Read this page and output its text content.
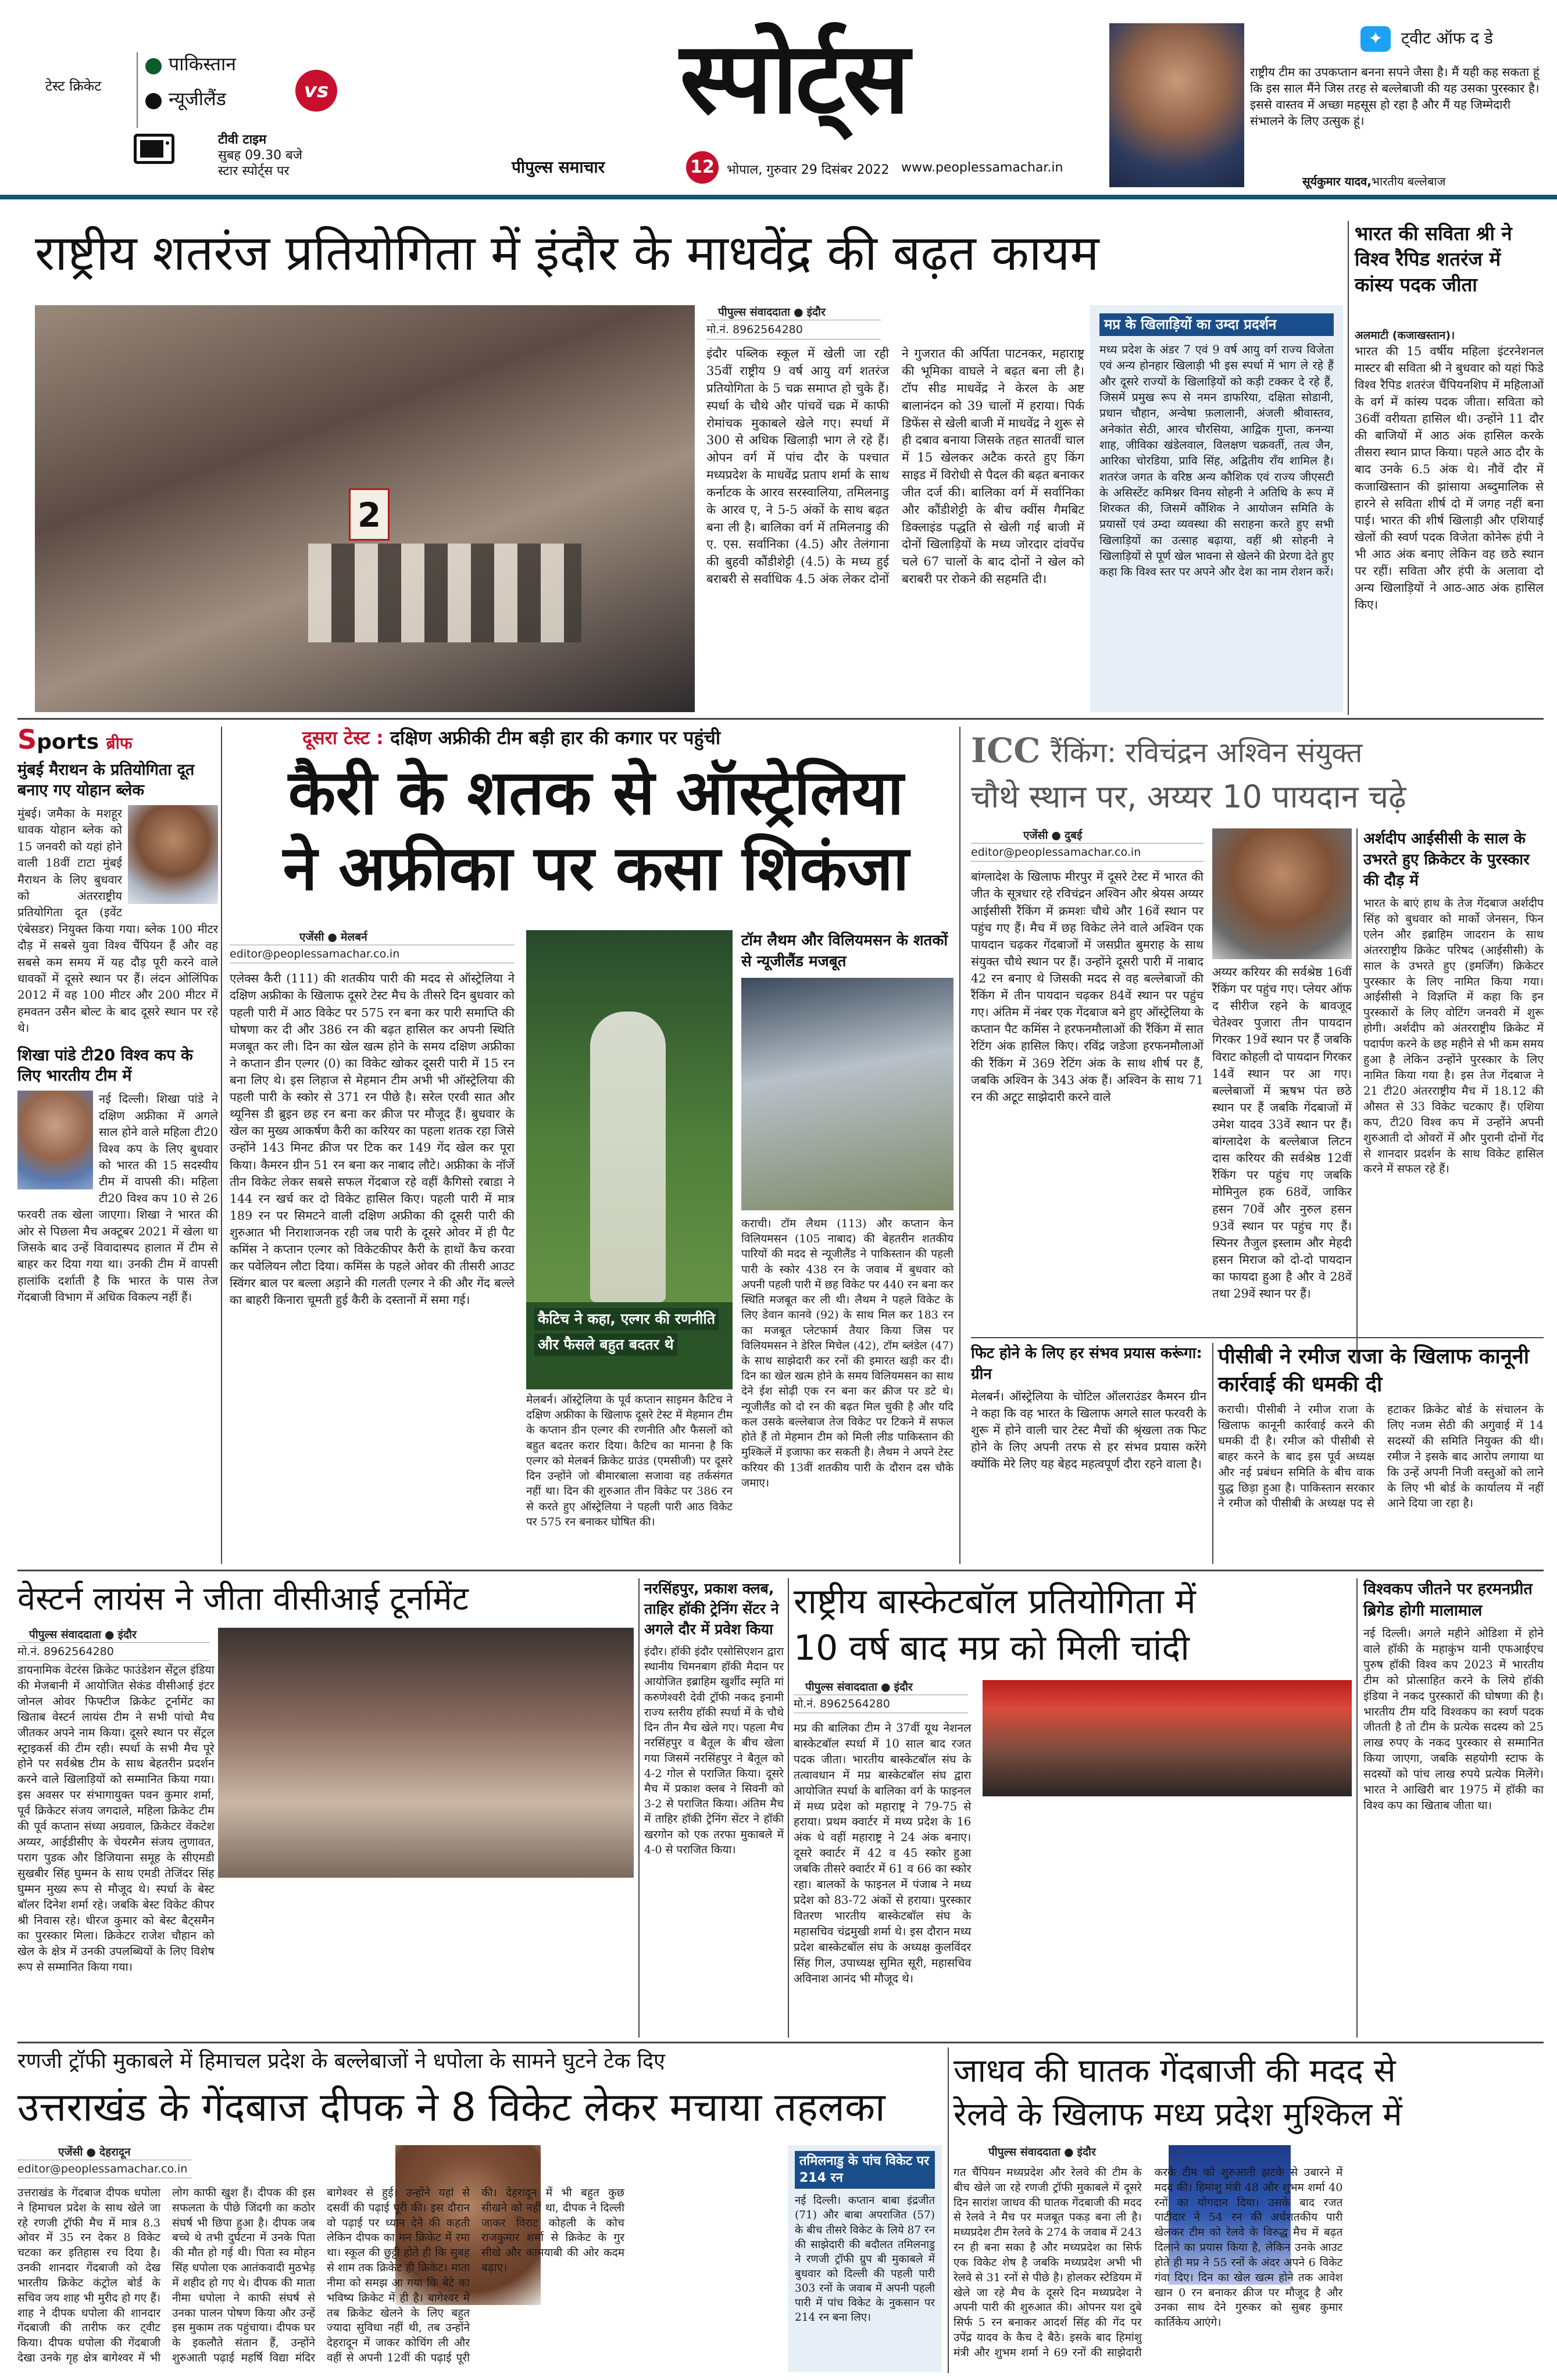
टेस्ट क्रिकेट
पाकिस्तान
vs
न्यूजीलैंड
टीवी टाइम
सुबह 09.30 बजे
स्टार स्पोर्ट्स पर
स्पोर्ट्स
पीपुल्स समाचार	12 भोपाल, गुरुवार 29 दिसंबर 2022 www.peoplessamachar.in
✦	ट्वीट ऑफ द डे
राष्ट्रीय टीम का उपकप्तान बनना सपने जैसा है। मैं यही कह सकता हूं कि इस साल मैंने जिस तरह से बल्लेबाजी की यह उसका पुरस्कार है। इससे वास्तव में अच्छा महसूस हो रहा है और मैं यह जिम्मेदारी संभालने के लिए उत्सुक हूं।
सूर्यकुमार यादव,भारतीय बल्लेबाज
राष्ट्रीय शतरंज प्रतियोगिता में इंदौर के माधवेंद्र की बढ़त कायम
2
पीपुल्स संवाददाता ● इंदौर
मो.नं. 8962564280
इंदौर पब्लिक स्कूल में खेली जा रही 35वीं राष्ट्रीय 9 वर्ष आयु वर्ग शतरंज प्रतियोगिता के 5 चक्र समाप्त हो चुके हैं। स्पर्धा के चौथे और पांचवें चक्र में काफी रोमांचक मुकाबले खेले गए। स्पर्धा में 300 से अधिक खिलाड़ी भाग ले रहे हैं। ओपन वर्ग में पांच दौर के पश्चात मध्यप्रदेश के माधवेंद्र प्रताप शर्मा के साथ कर्नाटक के आरव सरस्वालिया, तमिलनाडु के आरव ए, ने 5-5 अंकों के साथ बढ़त बना ली है। बालिका वर्ग में तमिलनाडु की ए. एस. सर्वानिका (4.5) और तेलंगाना की बुहवी कौंडीशेट्टी (4.5) के मध्य हुई बराबरी से सर्वाधिक 4.5 अंक लेकर दोनों ने गुजरात की अर्पिता पाटनकर, महाराष्ट्र की भूमिका वाघले ने बढ़त बना ली है। टॉप सीड माधवेंद्र ने केरल के अष्ट बालानंदन को 39 चालों में हराया। पिर्क डिफेंस से खेली बाजी में माधवेंद्र ने शुरू से ही दबाव बनाया जिसके तहत सातवीं चाल में 15 खेलकर अटैक करते हुए किंग साइड में विरोधी से पैदल की बढ़त बनाकर जीत दर्ज की। बालिका वर्ग में सर्वानिका और कौंडीशेट्टी के बीच क्वींस गैमबिट डिक्लाइंड पद्धति से खेली गई बाजी में दोनों खिलाड़ियों के मध्य जोरदार दांवपेंच चले 67 चालों के बाद दोनों ने खेल को बराबरी पर रोकने की सहमति दी।
मप्र के खिलाड़ियों का उम्दा प्रदर्शन
मध्य प्रदेश के अंडर 7 एवं 9 वर्ष आयु वर्ग राज्य विजेता एवं अन्य होनहार खिलाड़ी भी इस स्पर्धा में भाग ले रहे हैं और दूसरे राज्यों के खिलाड़ियों को कड़ी टक्कर दे रहे हैं, जिसमें प्रमुख रूप से नमन डाफरिया, दक्षिता सोडानी, प्रधान चौहान, अन्वेषा फ़लालानी, अंजली श्रीवास्तव, अनेकांत सेठी, आरव चौरसिया, आद्विक गुप्ता, कनन्या शाह, जीविका खंडेलवाल, विलक्षण चक्रवर्ती, तत्व जैन, आरिका चोरडिया, प्रावि सिंह, अद्वितीय राँय शामिल है। शतरंज जगत के वरिष्ठ अन्य कौशिक एवं राज्य जीएसटी के असिस्टेंट कमिश्नर विनय सोहनी ने अतिथि के रूप में शिरकत की, जिसमें कौंशिक ने आयोजन समिति के प्रयासों एवं उम्दा व्यवस्था की सराहना करते हुए सभी खिलाड़ियों का उत्साह बढ़ाया, वहीं श्री सोहनी ने खिलाड़ियों से पूर्ण खेल भावना से खेलने की प्रेरणा देते हुए कहा कि विश्व स्तर पर अपने और देश का नाम रोशन करें।
भारत की सविता श्री ने विश्व रैपिड शतरंज में कांस्य पदक जीता
अलमाटी (कजाखस्तान)।
भारत की 15 वर्षीय महिला इंटरनेशनल मास्टर बी सविता श्री ने बुधवार को यहां फिडे विश्व रैपिड शतरंज चैंपियनशिप में महिलाओं के वर्ग में कांस्य पदक जीता। सविता को 36वीं वरीयता हासिल थी। उन्होंने 11 दौर की बाजियों में आठ अंक हासिल करके तीसरा स्थान प्राप्त किया। पहले आठ दौर के बाद उनके 6.5 अंक थे। नौवें दौर में कजाखिस्तान की झांसाया अब्दुमालिक से हारने से सविता शीर्ष दो में जगह नहीं बना पाई। भारत की शीर्ष खिलाड़ी और एशियाई खेलों की स्वर्ण पदक विजेता कोनेरू हंपी ने भी आठ अंक बनाए लेकिन वह छठे स्थान पर रहीं। सविता और हंपी के अलावा दो अन्य खिलाड़ियों ने आठ-आठ अंक हासिल किए।
Sports ब्रीफ
मुंबई मैराथन के प्रतियोगिता दूत बनाए गए योहान ब्लेक
मुंबई। जमैका के मशहूर धावक योहान ब्लेक को 15 जनवरी को यहां होने वाली 18वीं टाटा मुंबई मैराथन के लिए बुधवार को अंतरराष्ट्रीय प्रतियोगिता दूत (इवेंट एंबेसडर) नियुक्त किया गया। ब्लेक 100 मीटर दौड़ में सबसे युवा विश्व चैंपियन हैं और वह सबसे कम समय में यह दौड़ पूरी करने वाले धावकों में दूसरे स्थान पर हैं। लंदन ओलिंपिक 2012 में वह 100 मीटर और 200 मीटर में हमवतन उसैन बोल्ट के बाद दूसरे स्थान पर रहे थे।
शिखा पांडे टी20 विश्व कप के लिए भारतीय टीम में
नई दिल्ली। शिखा पांडे ने दक्षिण अफ्रीका में अगले साल होने वाले महिला टी20 विश्व कप के लिए बुधवार को भारत की 15 सदस्यीय टीम में वापसी की। महिला टी20 विश्व कप 10 से 26 फरवरी तक खेला जाएगा। शिखा ने भारत की ओर से पिछला मैच अक्टूबर 2021 में खेला था जिसके बाद उन्हें विवादास्पद हालात में टीम से बाहर कर दिया गया था। उनकी टीम में वापसी हालांकि दर्शाती है कि भारत के पास तेज गेंदबाजी विभाग में अधिक विकल्प नहीं हैं।
दूसरा टेस्ट : दक्षिण अफ्रीकी टीम बड़ी हार की कगार पर पहुंची
कैरी के शतक से ऑस्ट्रेलिया
ने अफ्रीका पर कसा शिकंजा
एजेंसी ● मेलबर्न
editor@peoplessamachar.co.in
एलेक्स कैरी (111) की शतकीय पारी की मदद से ऑस्ट्रेलिया ने दक्षिण अफ्रीका के खिलाफ दूसरे टेस्ट मैच के तीसरे दिन बुधवार को पहली पारी में आठ विकेट पर 575 रन बना कर पारी समाप्ति की घोषणा कर दी और 386 रन की बढ़त हासिल कर अपनी स्थिति मजबूत कर ली। दिन का खेल खत्म होने के समय दक्षिण अफ्रीका ने कप्तान डीन एल्गर (0) का विकेट खोकर दूसरी पारी में 15 रन बना लिए थे। इस लिहाज से मेहमान टीम अभी भी ऑस्ट्रेलिया की पहली पारी के स्कोर से 371 रन पीछे है। सरेल एरवी सात और थ्यूनिस डी ब्रुइन छह रन बना कर क्रीज पर मौजूद हैं। बुधवार के खेल का मुख्य आकर्षण कैरी का करियर का पहला शतक रहा जिसे उन्होंने 143 मिनट क्रीज पर टिक कर 149 गेंद खेल कर पूरा किया। कैमरन ग्रीन 51 रन बना कर नाबाद लौटे। अफ्रीका के नॉर्जे तीन विकेट लेकर सबसे सफल गेंदबाज रहे वहीं कैगिसो रबाडा ने 144 रन खर्च कर दो विकेट हासिल किए। पहली पारी में मात्र 189 रन पर सिमटने वाली दक्षिण अफ्रीका की दूसरी पारी की शुरुआत भी निराशाजनक रही जब पारी के दूसरे ओवर में ही पैट कमिंस ने कप्तान एल्गर को विकेटकीपर कैरी के हाथों कैच करवा कर पवेलियन लौटा दिया। कमिंस के पहले ओवर की तीसरी आउट स्विंगर बाल पर बल्ला अड़ाने की गलती एल्गर ने की और गेंद बल्ले का बाहरी किनारा चूमती हुई कैरी के दस्तानों में समा गई।
कैटिच ने कहा, एल्गर की रणनीति और फैसले बहुत बदतर थे
मेलबर्न। ऑस्ट्रेलिया के पूर्व कप्तान साइमन कैटिच ने दक्षिण अफ्रीका के खिलाफ दूसरे टेस्ट में मेहमान टीम के कप्तान डीन एल्गर की रणनीति और फैसलों को बहुत बदतर करार दिया। कैटिच का मानना है कि एल्गर को मेलबर्न क्रिकेट ग्राउंड (एमसीजी) पर दूसरे दिन उन्होंने जो बीमारबाला सजावा वह तर्कसंगत नहीं था। दिन की शुरुआत तीन विकेट पर 386 रन से करते हुए ऑस्ट्रेलिया ने पहली पारी आठ विकेट पर 575 रन बनाकर घोषित की।
टॉम लैथम और विलियमसन के शतकों से न्यूजीलैंड मजबूत
कराची। टॉम लैथम (113) और कप्तान केन विलियमसन (105 नाबाद) की बेहतरीन शतकीय पारियों की मदद से न्यूजीलैंड ने पाकिस्तान की पहली पारी के स्कोर 438 रन के जवाब में बुधवार को अपनी पहली पारी में छह विकेट पर 440 रन बना कर स्थिति मजबूत कर ली थी। लैथम ने पहले विकेट के लिए डेवान कानवे (92) के साथ मिल कर 183 रन का मजबूत प्लेटफार्म तैयार किया जिस पर विलियमसन ने डेरिल मिचेल (42), टॉम ब्लंडेल (47) के साथ साझेदारी कर रनों की इमारत खड़ी कर दी। दिन का खेल खत्म होने के समय विलियमसन का साथ देने ईश सोढ़ी एक रन बना कर क्रीज पर डटे थे। न्यूजीलैंड को दो रन की बढ़त मिल चुकी है और यदि कल उसके बल्लेबाज तेज विकेट पर टिकने में सफल होते हैं तो मेहमान टीम को मिली लीड पाकिस्तान की मुश्किलें में इजाफा कर सकती है। लैथम ने अपने टेस्ट करियर की 13वीं शतकीय पारी के दौरान दस चौके जमाए।
ICC रैंकिंग: रविचंद्रन अश्विन संयुक्त
चौथे स्थान पर, अय्यर 10 पायदान चढ़े
एजेंसी ● दुबई
editor@peoplessamachar.co.in
बांग्लादेश के खिलाफ मीरपुर में दूसरे टेस्ट में भारत की जीत के सूत्रधार रहे रविचंद्रन अश्विन और श्रेयस अय्यर आईसीसी रैंकिंग में क्रमशः चौथे और 16वें स्थान पर पहुंच गए हैं। मैच में छह विकेट लेने वाले अश्विन एक पायदान चढ़कर गेंदबाजों में जसप्रीत बुमराह के साथ संयुक्त चौथे स्थान पर हैं। उन्होंने दूसरी पारी में नाबाद 42 रन बनाए थे जिसकी मदद से वह बल्लेबाजों की रैंकिंग में तीन पायदान चढ़कर 84वें स्थान पर पहुंच गए। अंतिम में नंबर एक गेंदबाज बने हुए ऑस्ट्रेलिया के कप्तान पैट कमिंस ने हरफनमौलाओं की रैंकिंग में सात रेटिंग अंक हासिल किए। रविंद्र जडेजा हरफनमौलाओं की रैंकिंग में 369 रेटिंग अंक के साथ शीर्ष पर हैं, जबकि अश्विन के 343 अंक हैं। अश्विन के साथ 71 रन की अटूट साझेदारी करने वाले
अय्यर करियर की सर्वश्रेष्ठ 16वीं रैंकिंग पर पहुंच गए। प्लेयर ऑफ द सीरीज रहने के बावजूद चेतेश्वर पुजारा तीन पायदान गिरकर 19वें स्थान पर हैं जबकि विराट कोहली दो पायदान गिरकर 14वें स्थान पर आ गए। बल्लेबाजों में ऋषभ पंत छठे स्थान पर हैं जबकि गेंदबाजों में उमेश यादव 33वें स्थान पर हैं। बांग्लादेश के बल्लेबाज लिटन दास करियर की सर्वश्रेष्ठ 12वीं रैंकिंग पर पहुंच गए जबकि मोमिनुल हक 68वें, जाकिर हसन 70वें और नुरुल हसन 93वें स्थान पर पहुंच गए हैं। स्पिनर तैजुल इस्लाम और मेहदी हसन मिराज को दो-दो पायदान का फायदा हुआ है और वे 28वें तथा 29वें स्थान पर हैं।
अर्शदीप आईसीसी के साल के उभरते हुए क्रिकेटर के पुरस्कार की दौड़ में
भारत के बाएं हाथ के तेज गेंदबाज अर्शदीप सिंह को बुधवार को मार्को जेनसन, फिन एलेन और इब्राहिम जादरान के साथ अंतरराष्ट्रीय क्रिकेट परिषद (आईसीसी) के साल के उभरते हुए (इमर्जिंग) क्रिकेटर पुरस्कार के लिए नामित किया गया। आईसीसी ने विज्ञप्ति में कहा कि इन पुरस्कारों के लिए वोटिंग जनवरी में शुरू होगी। अर्शदीप को अंतरराष्ट्रीय क्रिकेट में पदार्पण करने के छह महीने से भी कम समय हुआ है लेकिन उन्होंने पुरस्कार के लिए नामित किया गया है। इस तेज गेंदबाज ने 21 टी20 अंतरराष्ट्रीय मैच में 18.12 की औसत से 33 विकेट चटकाए हैं। एशिया कप, टी20 विश्व कप में उन्होंने अपनी शुरुआती दो ओवरों में और पुरानी दोनों गेंद से शानदार प्रदर्शन के साथ विकेट हासिल करने में सफल रहे हैं।
फिट होने के लिए हर संभव प्रयास करूंगा: ग्रीन
मेलबर्न। ऑस्ट्रेलिया के चोटिल ऑलराउंडर कैमरन ग्रीन ने कहा कि वह भारत के खिलाफ अगले साल फरवरी के शुरू में होने वाली चार टेस्ट मैचों की श्रृंखला तक फिट होने के लिए अपनी तरफ से हर संभव प्रयास करेंगे क्योंकि मेरे लिए यह बेहद महत्वपूर्ण दौरा रहने वाला है।
पीसीबी ने रमीज राजा के खिलाफ कानूनी कार्रवाई की धमकी दी
कराची। पीसीबी ने रमीज राजा के खिलाफ कानूनी कार्रवाई करने की धमकी दी है। रमीज को पीसीबी से बाहर करने के बाद इस पूर्व अध्यक्ष और नई प्रबंधन समिति के बीच वाक युद्ध छिड़ा हुआ है। पाकिस्तान सरकार ने रमीज को पीसीबी के अध्यक्ष पद से हटाकर क्रिकेट बोर्ड के संचालन के लिए नजम सेठी की अगुवाई में 14 सदस्यों की समिति नियुक्त की थी। रमीज ने इसके बाद आरोप लगाया था कि उन्हें अपनी निजी वस्तुओं को लाने के लिए भी बोर्ड के कार्यालय में नहीं आने दिया जा रहा है।
वेस्टर्न लायंस ने जीता वीसीआई टूर्नामेंट
पीपुल्स संवाददाता ● इंदौर
मो.नं. 8962564280
डायनामिक वेटरंस क्रिकेट फाउंडेशन सेंट्रल इंडिया की मेजबानी में आयोजित सेकंड वीसीआई इंटर जोनल ओवर फिफ्टीज क्रिकेट टूर्नामेंट का खिताब वेस्टर्न लायंस टीम ने सभी पांचो मैच जीतकर अपने नाम किया। दूसरे स्थान पर सेंट्रल स्ट्राइकर्स की टीम रही। स्पर्धा के सभी मैच पूरे होने पर सर्वश्रेष्ठ टीम के साथ बेहतरीन प्रदर्शन करने वाले खिलाड़ियों को सम्मानित किया गया। इस अवसर पर संभागायुक्त पवन कुमार शर्मा, पूर्व क्रिकेटर संजय जगदाले, महिला क्रिकेट टीम की पूर्व कप्तान संध्या अग्रवाल, क्रिकेटर वेंकटेश अय्यर, आईडीसीए के चेयरमैन संजय लुणावत, पराग पुडक और डिजियाना समूह के सीएमडी सुखबीर सिंह घुम्मन के साथ एमडी तेजिंदर सिंह घुम्मन मुख्य रूप से मौजूद थे। स्पर्धा के बेस्ट बॉलर दिनेश शर्मा रहे। जबकि बेस्ट विकेट कीपर श्री निवास रहे। धीरज कुमार को बेस्ट बैट्समैन का पुरस्कार मिला। क्रिकेटर राजेश चौहान को खेल के क्षेत्र में उनकी उपलब्धियों के लिए विशेष रूप से सम्मानित किया गया।
नरसिंहपुर, प्रकाश क्लब, ताहिर हॉकी ट्रेनिंग सेंटर ने अगले दौर में प्रवेश किया
इंदौर। हॉकी इंदौर एसोसिएशन द्वारा स्थानीय चिमनबाग हॉकी मैदान पर आयोजित इब्राहिम खुर्शीद स्मृति मां करुणेश्वरी देवी ट्रॉफी नकद इनामी राज्य स्तरीय हॉकी स्पर्धा में के चौथे दिन तीन मैच खेले गए। पहला मैच नरसिंहपुर व बैतूल के बीच खेला गया जिसमें नरसिंहपुर ने बैतूल को 4-2 गोल से पराजित किया। दूसरे मैच में प्रकाश क्लब ने सिवनी को 3-2 से पराजित किया। अंतिम मैच में ताहिर हॉकी ट्रेनिंग सेंटर ने हॉकी खरगोन को एक तरफा मुकाबले में 4-0 से पराजित किया।
राष्ट्रीय बास्केटबॉल प्रतियोगिता में
10 वर्ष बाद मप्र को मिली चांदी
पीपुल्स संवाददाता ● इंदौर
मो.नं. 8962564280
मप्र की बालिका टीम ने 37वीं यूथ नेशनल बास्केटबॉल स्पर्धा में 10 साल बाद रजत पदक जीता। भारतीय बास्केटबॉल संघ के तत्वावधान में मप्र बास्केटबॉल संघ द्वारा आयोजित स्पर्धा के बालिका वर्ग के फाइनल में मध्य प्रदेश को महाराष्ट्र ने 79-75 से हराया। प्रथम क्वार्टर में मध्य प्रदेश के 16 अंक थे वहीं महाराष्ट्र ने 24 अंक बनाए। दूसरे क्वार्टर में 42 व 45 स्कोर हुआ जबकि तीसरे क्वार्टर में 61 व 66 का स्कोर रहा। बालकों के फाइनल में पंजाब ने मध्य प्रदेश को 83-72 अंकों से हराया। पुरस्कार वितरण भारतीय बास्केटबॉल संघ के महासचिव चंद्रमुखी शर्मा थे। इस दौरान मध्य प्रदेश बास्केटबॉल संघ के अध्यक्ष कुलविंदर सिंह गिल, उपाध्यक्ष सुमित सूरी, महासचिव अविनाश आनंद भी मौजूद थे।
विश्वकप जीतने पर हरमनप्रीत ब्रिगेड होगी मालामाल
नई दिल्ली। अगले महीने ओडिशा में होने वाले हॉकी के महाकुंभ यानी एफआईएच पुरुष हॉकी विश्व कप 2023 में भारतीय टीम को प्रोत्साहित करने के लिये हॉकी इंडिया ने नकद पुरस्कारों की घोषणा की है। भारतीय टीम यदि विश्वकप का स्वर्ण पदक जीतती है तो टीम के प्रत्येक सदस्य को 25 लाख रुपए के नकद पुरस्कार से सम्मानित किया जाएगा, जबकि सहयोगी स्टाफ के सदस्यों को पांच लाख रुपये प्रत्येक मिलेंगे। भारत ने आखिरी बार 1975 में हॉकी का विश्व कप का खिताब जीता था।
रणजी ट्रॉफी मुकाबले में हिमाचल प्रदेश के बल्लेबाजों ने धपोला के सामने घुटने टेक दिए
उत्तराखंड के गेंदबाज दीपक ने 8 विकेट लेकर मचाया तहलका
एजेंसी ● देहरादून
editor@peoplessamachar.co.in
उत्तराखंड के गेंदबाज दीपक धपोला ने हिमाचल प्रदेश के साथ खेले जा रहे रणजी ट्रॉफी मैच में मात्र 8.3 ओवर में 35 रन देकर 8 विकेट चटका कर इतिहास रच दिया है। उनकी शानदार गेंदबाजी को देख भारतीय क्रिकेट कंट्रोल बोर्ड के सचिव जय शाह भी मुरीद हो गए हैं। शाह ने दीपक धपोला की शानदार गेंदबाजी की तारीफ कर ट्वीट किया। दीपक धपोला की गेंदबाजी देखा उनके गृह क्षेत्र बागेश्वर में भी लोग काफी खुश हैं। दीपक की इस सफलता के पीछे जिंदगी का कठोर संघर्ष भी छिपा हुआ है। दीपक जब बच्चे थे तभी दुर्घटना में उनके पिता की मौत हो गई थी। पिता स्व मोहन सिंह धपोला एक आतंकवादी मुठभेड़ में शहीद हो गए थे। दीपक की माता नीमा धपोला ने काफी संघर्ष से उनका पालन पोषण किया और उन्हें इस मुकाम तक पहुंचाया। दीपक घर के इकलौते संतान हैं, उन्होंने शुरुआती पढ़ाई महर्षि विद्या मंदिर बागेश्वर से हुई। उन्होंने यहां से दसवीं की पढ़ाई पूरी की। इस दौरान वो पढ़ाई पर ध्यान देने की कहती लेकिन दीपक का मन क्रिकेट में रमा था। स्कूल की छुट्टी होते ही कि सुबह से शाम तक क्रिकेट ही क्रिकेट। माता नीमा को समझ आ गया कि बेटे का भविष्य क्रिकेट में ही है। बागेश्वर में तब क्रिकेट खेलने के लिए बहुत ज्यादा सुविधा नहीं थी, तब उन्होंने देहरादून में जाकर कोचिंग ली और वहीं से अपनी 12वीं की पढ़ाई पूरी की। देहरादून में भी बहुत कुछ सीखने को नहीं था, दीपक ने दिल्ली जाकर विराट कोहली के कोच राजकुमार शर्मा से क्रिकेट के गुर सीखे और कामयाबी की ओर कदम बढ़ाए।
तमिलनाडु के पांच विकेट पर 214 रन
नई दिल्ली। कप्तान बाबा इंद्रजीत (71) और बाबा अपराजित (57) के बीच तीसरे विकेट के लिये 87 रन की साझेदारी की बदौलत तमिलनाडु ने रणजी ट्रॉफी ग्रुप बी मुकाबले में बुधवार को दिल्ली की पहली पारी 303 रनों के जवाब में अपनी पहली पारी में पांच विकेट के नुकसान पर 214 रन बना लिए।
जाधव की घातक गेंदबाजी की मदद से
रेलवे के खिलाफ मध्य प्रदेश मुश्किल में
पीपुल्स संवाददाता ● इंदौर
गत चैंपियन मध्यप्रदेश और रेलवे की टीम के बीच खेले जा रहे रणजी ट्रॉफी मुकाबले में दूसरे दिन सारांश जाधव की घातक गेंदबाजी की मदद से रेलवे ने मैच पर मजबूत पकड़ बना ली है। मध्यप्रदेश टीम रेलवे के 274 के जवाब में 243 रन ही बना सका है और मध्यप्रदेश का सिर्फ एक विकेट शेष है जबकि मध्यप्रदेश अभी भी रेलवे से 31 रनों से पीछे है। होलकर स्टेडियम में खेले जा रहे मैच के दूसरे दिन मध्यप्रदेश ने अपनी पारी की शुरुआत की। ओपनर यश दुबे सिर्फ 5 रन बनाकर आदर्श सिंह की गेंद पर उपेंद्र यादव के कैच दे बैठे। इसके बाद हिमांशु मंत्री और शुभम शर्मा ने 69 रनों की साझेदारी करके टीम को शुरुआती झटके से उबारने में मदद की। हिमांशु मंत्री 48 और शुभम शर्मा 40 रनों का योगदान दिया। उसके बाद रजत पाटीदार ने 54 रन की अर्धशतकीय पारी खेलकर टीम को रेलवे के विरुद्ध मैच में बढ़त दिलाने का प्रयास किया है, लेकिन उनके आउट होते ही मप्र ने 55 रनों के अंदर अपने 6 विकेट गंवा दिए। दिन का खेल खत्म होने तक आवेश खान 0 रन बनाकर क्रीज पर मौजूद है और उनका साथ देने गुरुकर को सुबह कुमार कार्तिकेय आएंगे।
